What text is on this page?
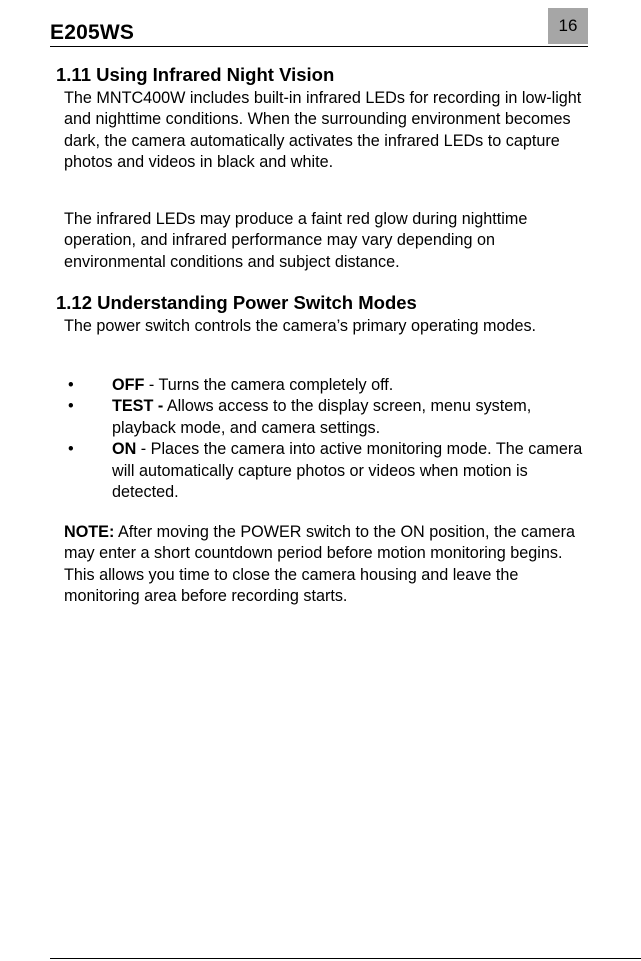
E205WS	16
1.11 Using Infrared Night Vision

The MNTC400W includes built-in infrared LEDs for recording in low-light and nighttime conditions. When the surrounding environment becomes dark, the camera automatically activates the infrared LEDs to capture photos and videos in black and white.

The infrared LEDs may produce a faint red glow during nighttime operation, and infrared performance may vary depending on environmental conditions and subject distance.

1.12 Understanding Power Switch Modes

The power switch controls the camera’s primary operating modes.

• OFF - Turns the camera completely off.
• TEST - Allows access to the display screen, menu system, playback mode, and camera settings.
• ON - Places the camera into active monitoring mode. The camera will automatically capture photos or videos when motion is detected.

NOTE: After moving the POWER switch to the ON position, the camera may enter a short countdown period before motion monitoring begins. This allows you time to close the camera housing and leave the monitoring area before recording starts.
